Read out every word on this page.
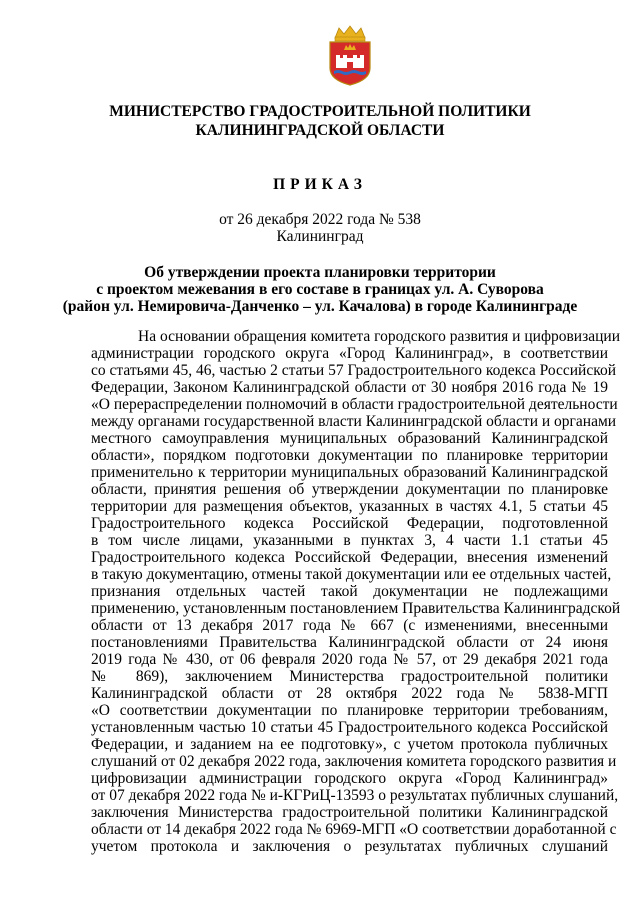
МИНИСТЕРСТВО ГРАДОСТРОИТЕЛЬНОЙ ПОЛИТИКИ
КАЛИНИНГРАДСКОЙ ОБЛАСТИ
ПРИКАЗ
от 26 декабря 2022 года № 538
Калининград
Об утверждении проекта планировки территории
с проектом межевания в его составе в границах ул. А. Суворова
(район ул. Немировича-Данченко – ул. Качалова) в городе Калининграде
На основании обращения комитета городского развития и цифровизации
администрации городского округа «Город Калининград», в соответствии
со статьями 45, 46, частью 2 статьи 57 Градостроительного кодекса Российской
Федерации, Законом Калининградской области от 30 ноября 2016 года № 19
«О перераспределении полномочий в области градостроительной деятельности
между органами государственной власти Калининградской области и органами
местного самоуправления муниципальных образований Калининградской
области», порядком подготовки документации по планировке территории
применительно к территории муниципальных образований Калининградской
области, принятия решения об утверждении документации по планировке
территории для размещения объектов, указанных в частях 4.1, 5 статьи 45
Градостроительного кодекса Российской Федерации, подготовленной
в том числе лицами, указанными в пунктах 3, 4 части 1.1 статьи 45
Градостроительного кодекса Российской Федерации, внесения изменений
в такую документацию, отмены такой документации или ее отдельных частей,
признания отдельных частей такой документации не подлежащими
применению, установленным постановлением Правительства Калининградской
области от 13 декабря 2017 года № 667 (с изменениями, внесенными
постановлениями Правительства Калининградской области от 24 июня
2019 года № 430, от 06 февраля 2020 года № 57, от 29 декабря 2021 года
№ 869), заключением Министерства градостроительной политики
Калининградской области от 28 октября 2022 года № 5838-МГП
«О соответствии документации по планировке территории требованиям,
установленным частью 10 статьи 45 Градостроительного кодекса Российской
Федерации, и заданием на ее подготовку», с учетом протокола публичных
слушаний от 02 декабря 2022 года, заключения комитета городского развития и
цифровизации администрации городского округа «Город Калининград»
от 07 декабря 2022 года № и-КГРиЦ-13593 о результатах публичных слушаний,
заключения Министерства градостроительной политики Калининградской
области от 14 декабря 2022 года № 6969-МГП «О соответствии доработанной с
учетом протокола и заключения о результатах публичных слушаний
